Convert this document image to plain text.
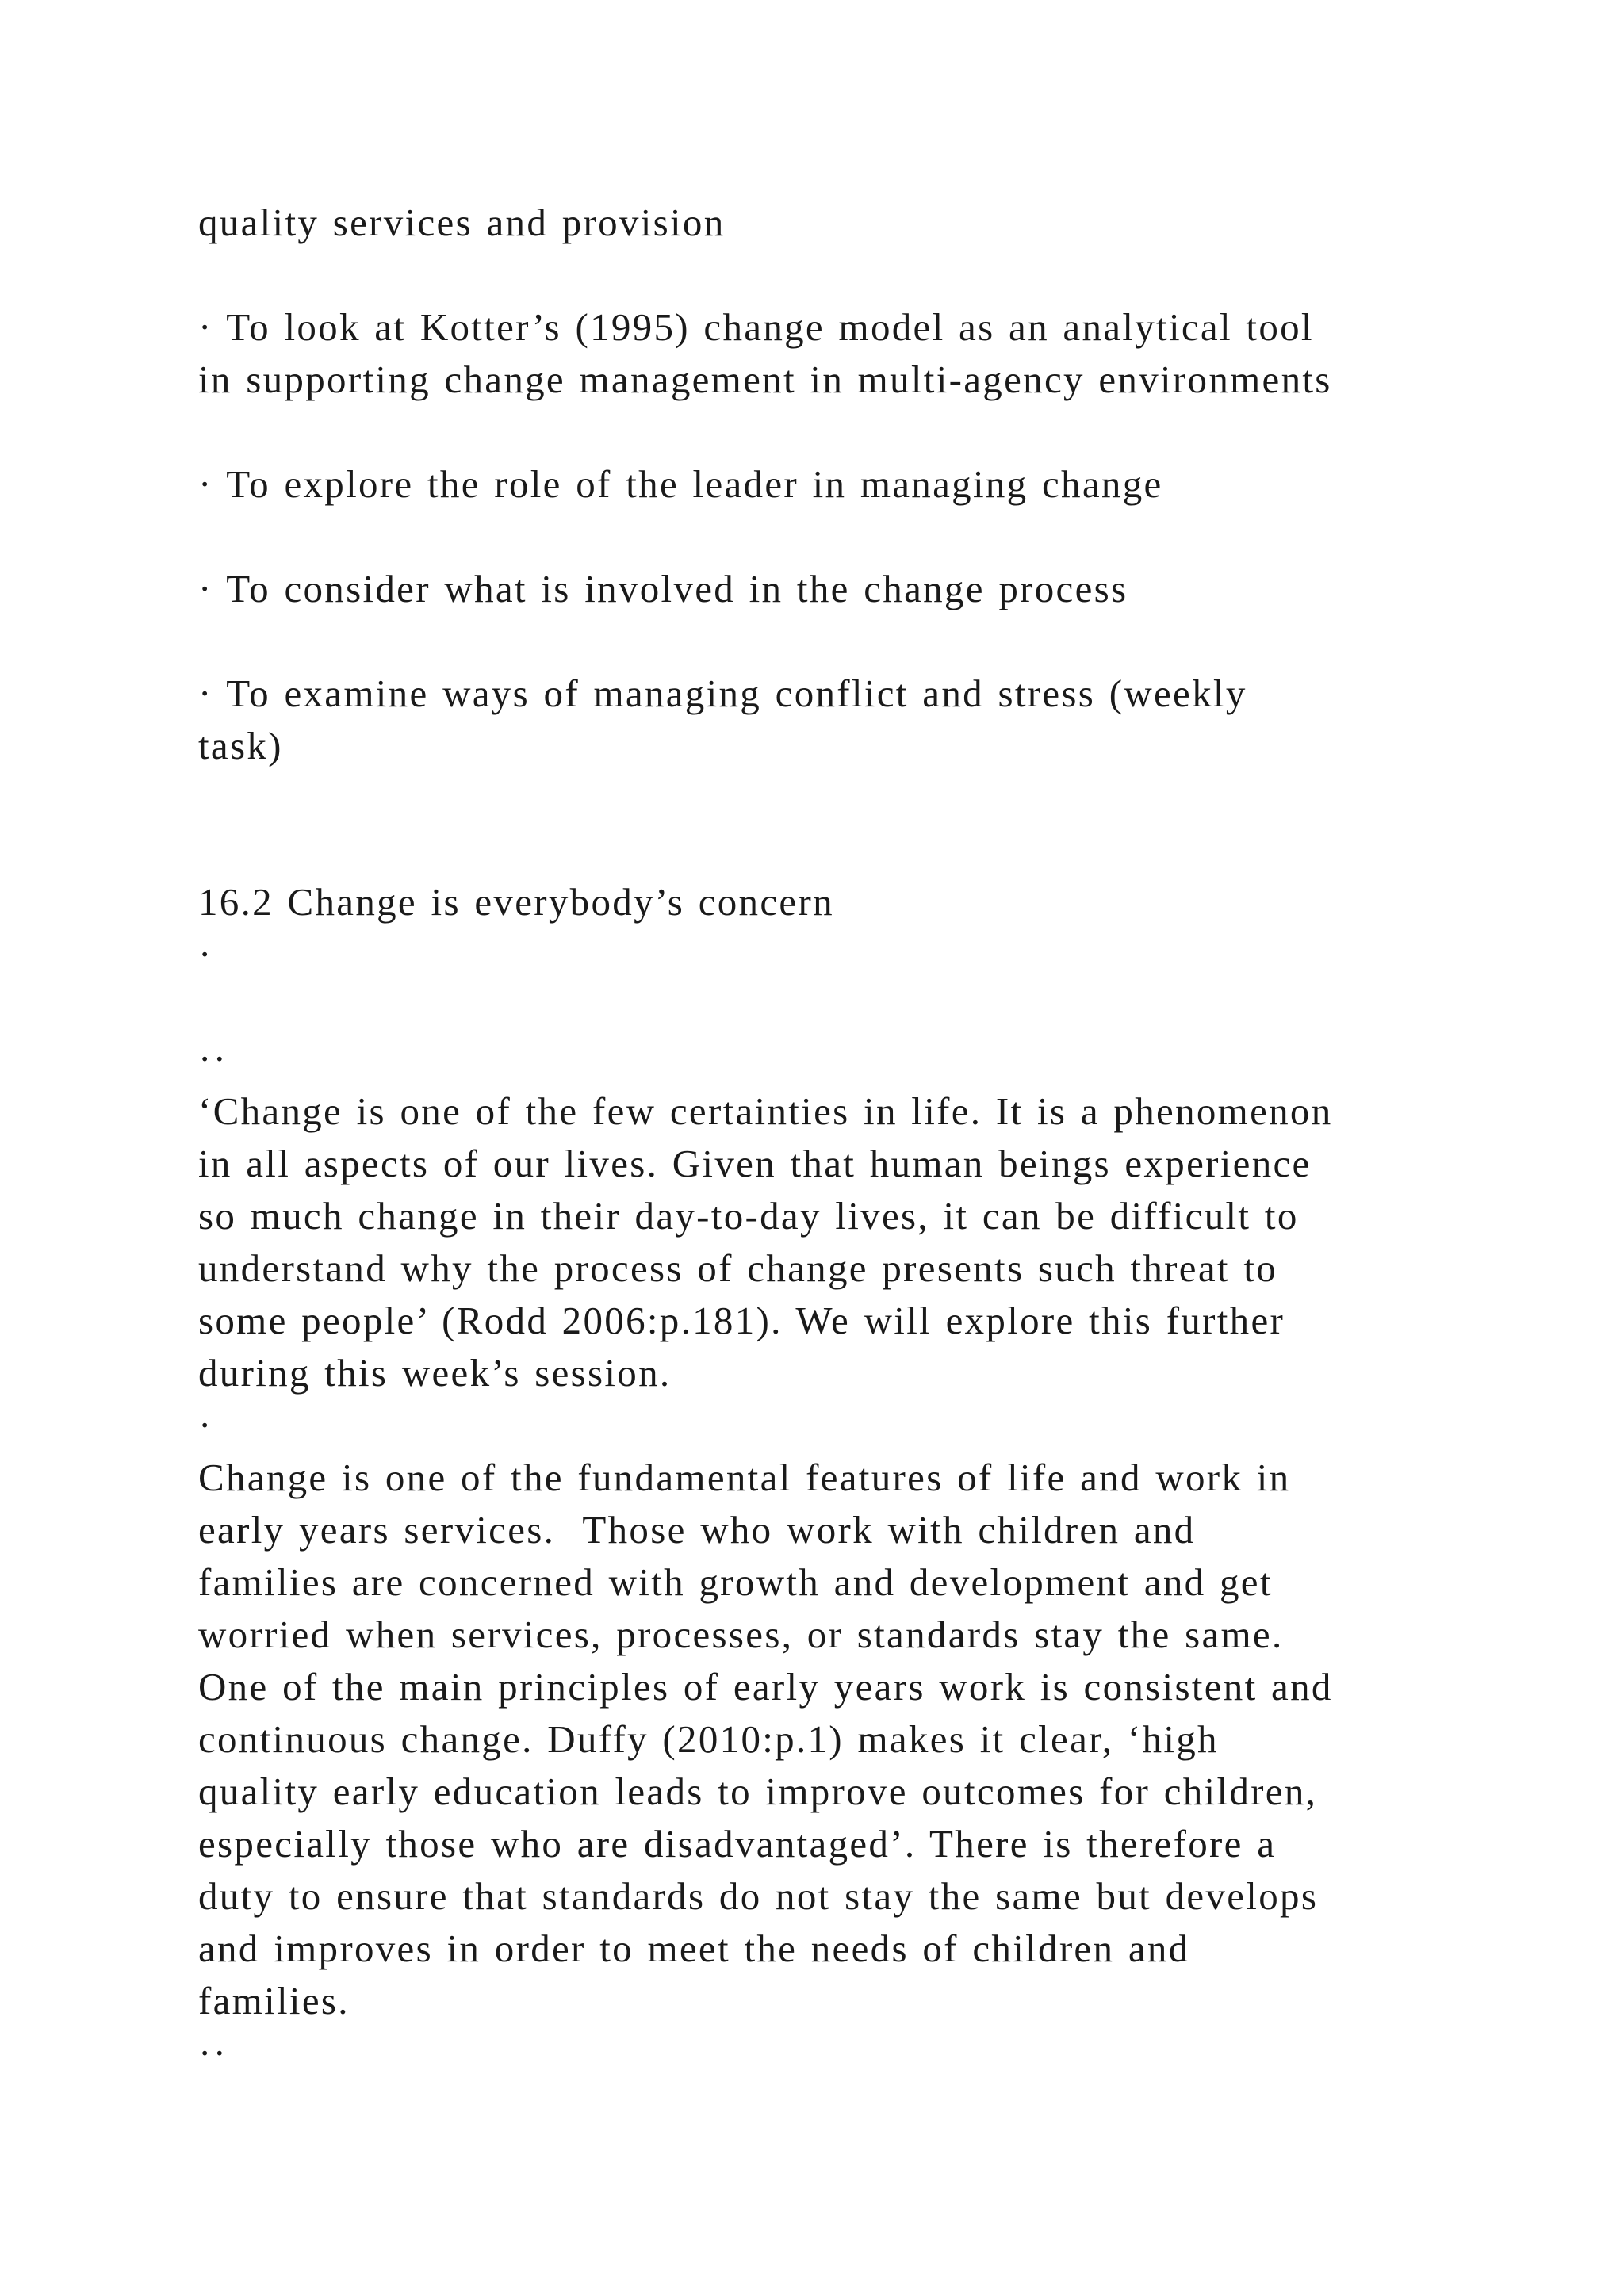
quality services and provision

· To look at Kotter’s (1995) change model as an analytical tool

in supporting change management in multi-agency environments

· To explore the role of the leader in managing change

· To consider what is involved in the change process

· To examine ways of managing conflict and stress (weekly

task)

16.2 Change is everybody’s concern

·

··

‘Change is one of the few certainties in life. It is a phenomenon

in all aspects of our lives. Given that human beings experience

so much change in their day-to-day lives, it can be difficult to

understand why the process of change presents such threat to

some people’ (Rodd 2006:p.181). We will explore this further

during this week’s session.

·

Change is one of the fundamental features of life and work in

early years services.  Those who work with children and

families are concerned with growth and development and get

worried when services, processes, or standards stay the same.

One of the main principles of early years work is consistent and

continuous change. Duffy (2010:p.1) makes it clear, ‘high

quality early education leads to improve outcomes for children,

especially those who are disadvantaged’. There is therefore a

duty to ensure that standards do not stay the same but develops

and improves in order to meet the needs of children and

families.

··
